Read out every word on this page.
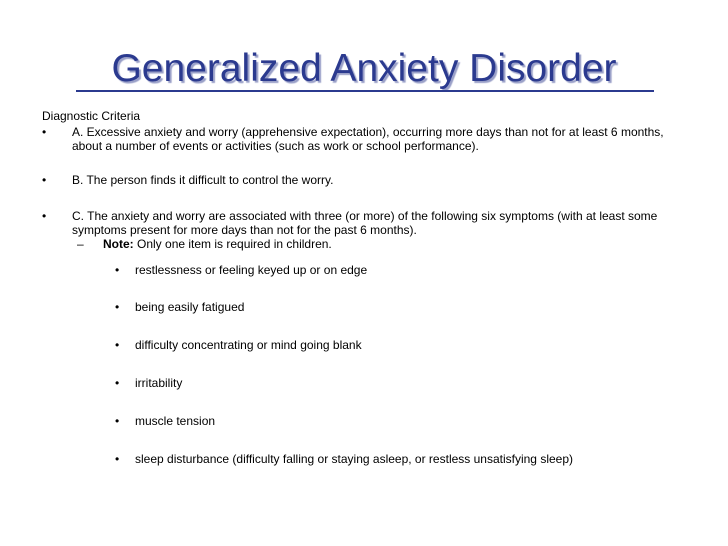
Generalized Anxiety Disorder
Diagnostic Criteria
• A. Excessive anxiety and worry (apprehensive expectation), occurring more days than not for at least 6 months, about a number of events or activities (such as work or school performance).
• B. The person finds it difficult to control the worry.
• C. The anxiety and worry are associated with three (or more) of the following six symptoms (with at least some symptoms present for more days than not for the past 6 months).
– Note: Only one item is required in children.
• restlessness or feeling keyed up or on edge
• being easily fatigued
• difficulty concentrating or mind going blank
• irritability
• muscle tension
• sleep disturbance (difficulty falling or staying asleep, or restless unsatisfying sleep)
